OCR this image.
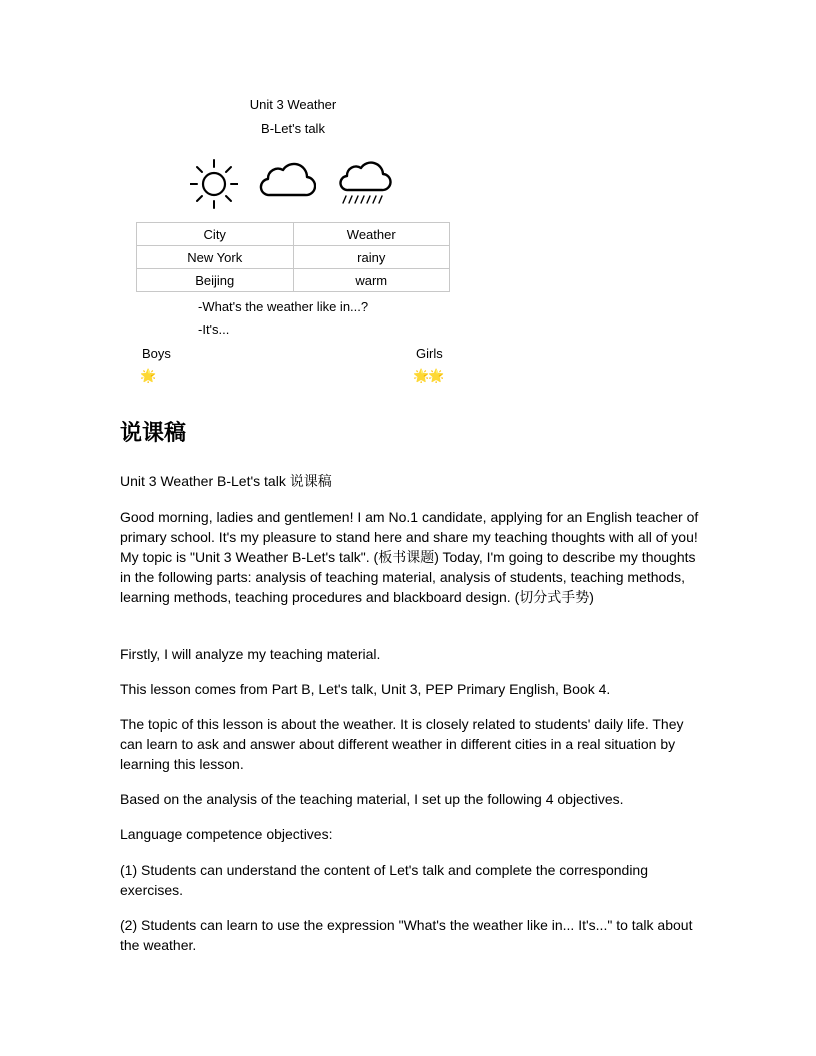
Unit 3 Weather
B-Let's talk
City	Weather
New York	rainy
Beijing	warm
-What's the weather like in...?
-It's...
Boys	Girls
🌟	🌟🌟
说课稿

Unit 3 Weather B-Let's talk 说课稿

Good morning, ladies and gentlemen! I am No.1 candidate, applying for an English teacher of primary school. It's my pleasure to stand here and share my teaching thoughts with all of you! My topic is "Unit 3 Weather B-Let's talk". (板书课题) Today, I'm going to describe my thoughts in the following parts: analysis of teaching material, analysis of students, teaching methods, learning methods, teaching procedures and blackboard design. (切分式手势)

Firstly, I will analyze my teaching material.

This lesson comes from Part B, Let's talk, Unit 3, PEP Primary English, Book 4.

The topic of this lesson is about the weather. It is closely related to students' daily life. They can learn to ask and answer about different weather in different cities in a real situation by learning this lesson.

Based on the analysis of the teaching material, I set up the following 4 objectives.

Language competence objectives:

(1) Students can understand the content of Let's talk and complete the corresponding exercises.

(2) Students can learn to use the expression "What's the weather like in... It's..." to talk about the weather.
